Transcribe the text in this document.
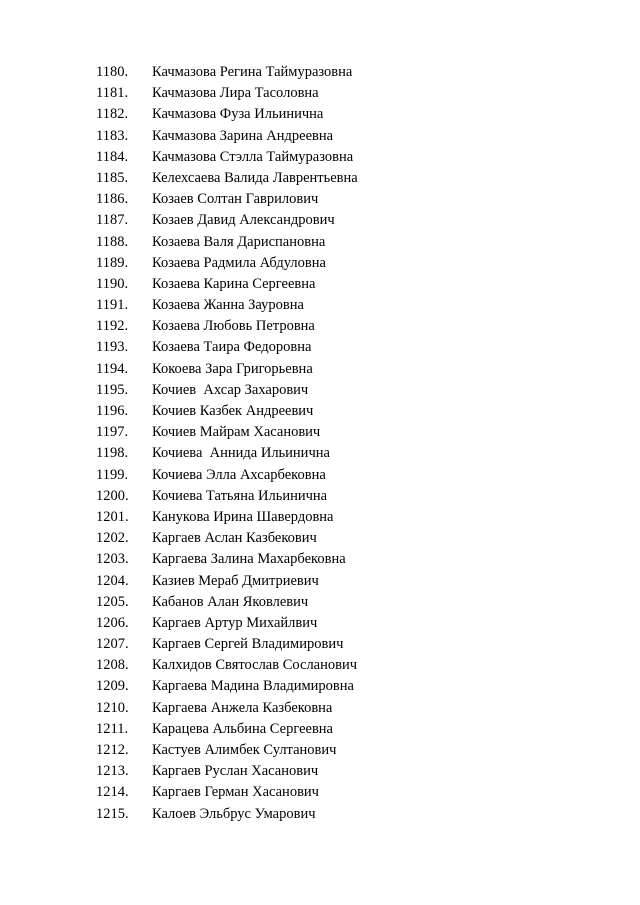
1180. Качмазова Регина Таймуразовна
1181. Качмазова Лира Тасоловна
1182. Качмазова Фуза Ильинична
1183. Качмазова Зарина Андреевна
1184. Качмазова Стэлла Таймуразовна
1185. Келехсаева Валида Лаврентьевна
1186. Козаев Солтан Гаврилович
1187. Козаев Давид Александрович
1188. Козаева Валя Дариспановна
1189. Козаева Радмила Абдуловна
1190. Козаева Карина Сергеевна
1191. Козаева Жанна Зауровна
1192. Козаева Любовь Петровна
1193. Козаева Таира Федоровна
1194. Кокоева Зара Григорьевна
1195. Кочиев  Ахсар Захарович
1196. Кочиев Казбек Андреевич
1197. Кочиев Майрам Хасанович
1198. Кочиева  Аннида Ильинична
1199. Кочиева Элла Ахсарбековна
1200. Кочиева Татьяна Ильинична
1201. Канукова Ирина Шавердовна
1202. Каргаев Аслан Казбекович
1203. Каргаева Залина Махарбековна
1204. Казиев Мераб Дмитриевич
1205. Кабанов Алан Яковлевич
1206. Каргаев Артур Михайлвич
1207. Каргаев Сергей Владимирович
1208. Калхидов Святослав Сосланович
1209. Каргаева Мадина Владимировна
1210. Каргаева Анжела Казбековна
1211. Карацева Альбина Сергеевна
1212. Кастуев Алимбек Султанович
1213. Каргаев Руслан Хасанович
1214. Каргаев Герман Хасанович
1215. Калоев Эльбрус Умарович
